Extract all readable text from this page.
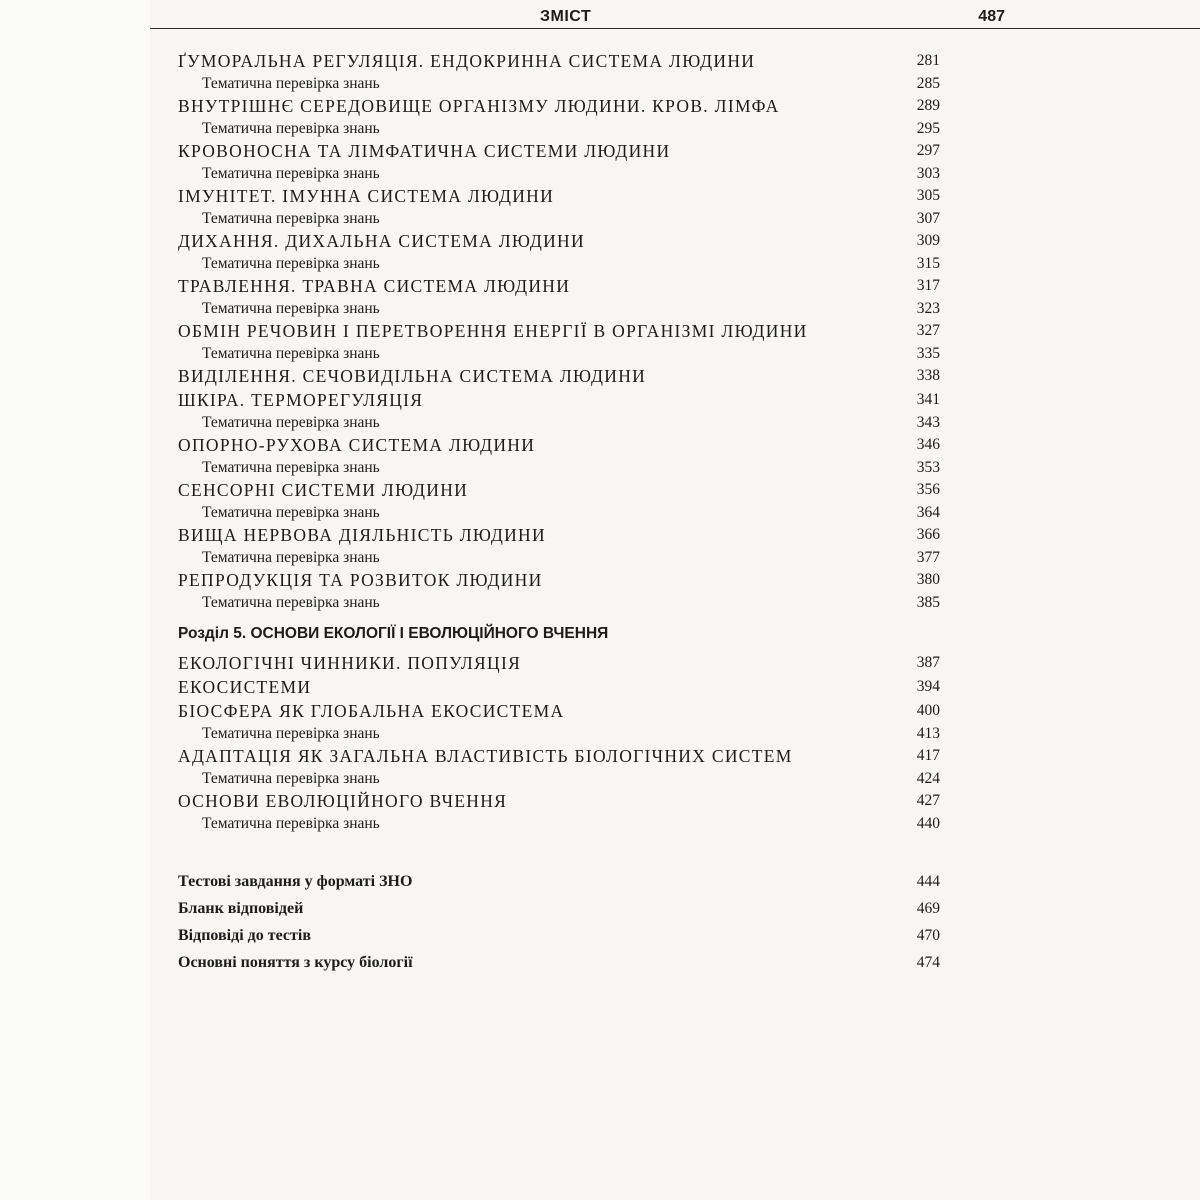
ЗМІСТ	487
ҐУМОРАЛЬНА РЕГУЛЯЦІЯ. ЕНДОКРИННА СИСТЕМА ЛЮДИНИ	281
Тематична перевірка знань	285
ВНУТРІШНЄ СЕРЕДОВИЩЕ ОРГАНІЗМУ ЛЮДИНИ. КРОВ. ЛІМФА	289
Тематична перевірка знань	295
КРОВОНОСНА ТА ЛІМФАТИЧНА СИСТЕМИ ЛЮДИНИ	297
Тематична перевірка знань	303
ІМУНІТЕТ. ІМУННА СИСТЕМА ЛЮДИНИ	305
Тематична перевірка знань	307
ДИХАННЯ. ДИХАЛЬНА СИСТЕМА ЛЮДИНИ	309
Тематична перевірка знань	315
ТРАВЛЕННЯ. ТРАВНА СИСТЕМА ЛЮДИНИ	317
Тематична перевірка знань	323
ОБМІН РЕЧОВИН І ПЕРЕТВОРЕННЯ ЕНЕРГІЇ В ОРГАНІЗМІ ЛЮДИНИ	327
Тематична перевірка знань	335
ВИДІЛЕННЯ. СЕЧОВИДІЛЬНА СИСТЕМА ЛЮДИНИ	338
ШКІРА. ТЕРМОРЕГУЛЯЦІЯ	341
Тематична перевірка знань	343
ОПОРНО-РУХОВА СИСТЕМА ЛЮДИНИ	346
Тематична перевірка знань	353
СЕНСОРНІ СИСТЕМИ ЛЮДИНИ	356
Тематична перевірка знань	364
ВИЩА НЕРВОВА ДІЯЛЬНІСТЬ ЛЮДИНИ	366
Тематична перевірка знань	377
РЕПРОДУКЦІЯ ТА РОЗВИТОК ЛЮДИНИ	380
Тематична перевірка знань	385
Розділ 5. ОСНОВИ ЕКОЛОГІЇ І ЕВОЛЮЦІЙНОГО ВЧЕННЯ
ЕКОЛОГІЧНІ ЧИННИКИ. ПОПУЛЯЦІЯ	387
ЕКОСИСТЕМИ	394
БІОСФЕРА ЯК ГЛОБАЛЬНА ЕКОСИСТЕМА	400
Тематична перевірка знань	413
АДАПТАЦІЯ ЯК ЗАГАЛЬНА ВЛАСТИВІСТЬ БІОЛОГІЧНИХ СИСТЕМ	417
Тематична перевірка знань	424
ОСНОВИ ЕВОЛЮЦІЙНОГО ВЧЕННЯ	427
Тематична перевірка знань	440
Тестові завдання у форматі ЗНО	444
Бланк відповідей	469
Відповіді до тестів	470
Основні поняття з курсу біології	474
